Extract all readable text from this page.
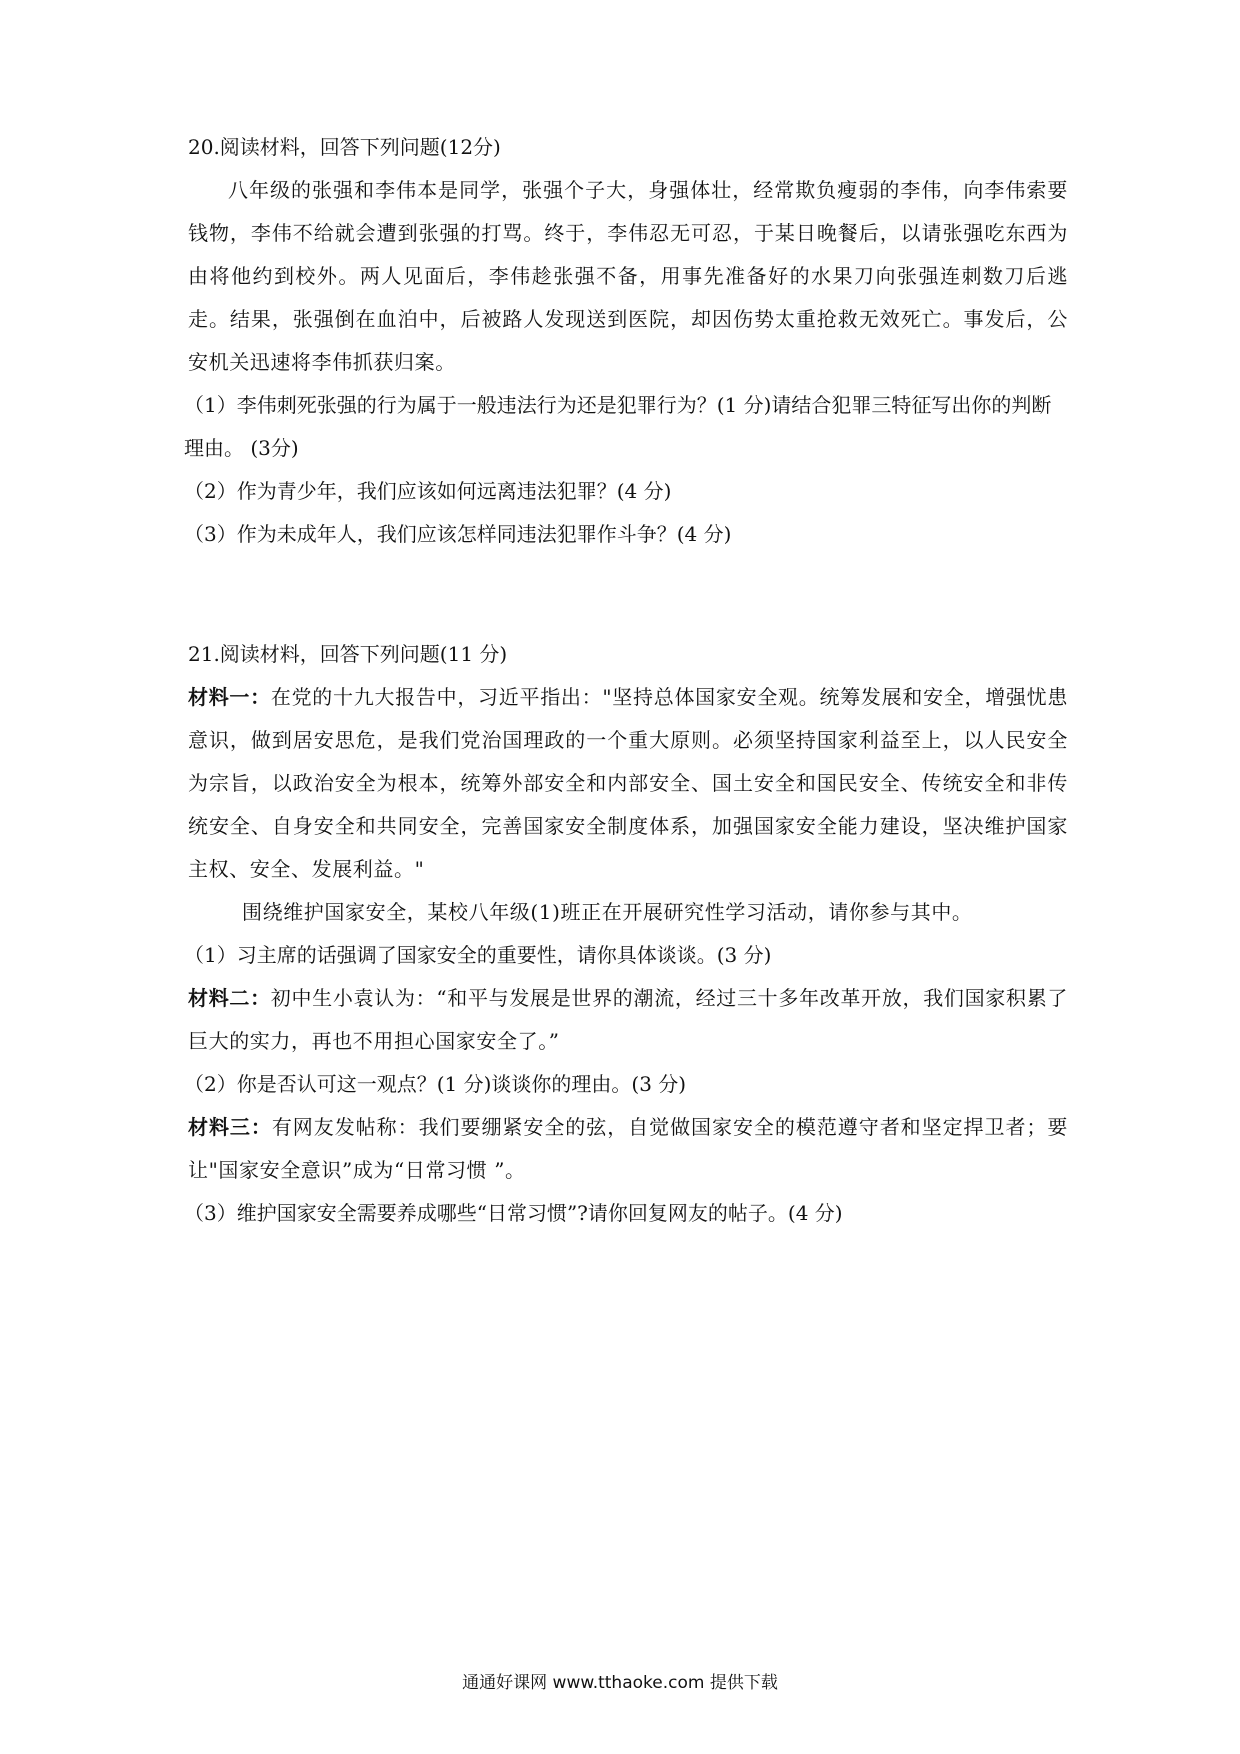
20.阅读材料，回答下列问题(12分)
八年级的张强和李伟本是同学，张强个子大，身强体壮，经常欺负瘦弱的李伟，向李伟索要钱物，李伟不给就会遭到张强的打骂。终于，李伟忍无可忍，于某日晚餐后，以请张强吃东西为由将他约到校外。两人见面后，李伟趁张强不备，用事先准备好的水果刀向张强连刺数刀后逃走。结果，张强倒在血泊中，后被路人发现送到医院，却因伤势太重抢救无效死亡。事发后，公安机关迅速将李伟抓获归案。
（1）李伟刺死张强的行为属于一般违法行为还是犯罪行为？(1 分)请结合犯罪三特征写出你的判断理由。 (3分)
（2）作为青少年，我们应该如何远离违法犯罪？(4 分)
（3）作为未成年人，我们应该怎样同违法犯罪作斗争？(4 分)
21.阅读材料，回答下列问题(11 分)
材料一：在党的十九大报告中，习近平指出："坚持总体国家安全观。统筹发展和安全，增强忧患意识，做到居安思危，是我们党治国理政的一个重大原则。必须坚持国家利益至上，以人民安全为宗旨，以政治安全为根本，统筹外部安全和内部安全、国土安全和国民安全、传统安全和非传统安全、自身安全和共同安全，完善国家安全制度体系，加强国家安全能力建设，坚决维护国家主权、安全、发展利益。"
围绕维护国家安全，某校八年级(1)班正在开展研究性学习活动，请你参与其中。
（1）习主席的话强调了国家安全的重要性，请你具体谈谈。(3 分)
材料二：初中生小袁认为：“和平与发展是世界的潮流，经过三十多年改革开放，我们国家积累了巨大的实力，再也不用担心国家安全了。”
（2）你是否认可这一观点？(1 分)谈谈你的理由。(3 分)
材料三：有网友发帖称：我们要绷紧安全的弦，自觉做国家安全的模范遵守者和坚定捍卫者；要让"国家安全意识”成为“日常习惯 ”。
（3）维护国家安全需要养成哪些“日常习惯”?请你回复网友的帖子。(4 分)
通通好课网 www.tthaoke.com 提供下载
